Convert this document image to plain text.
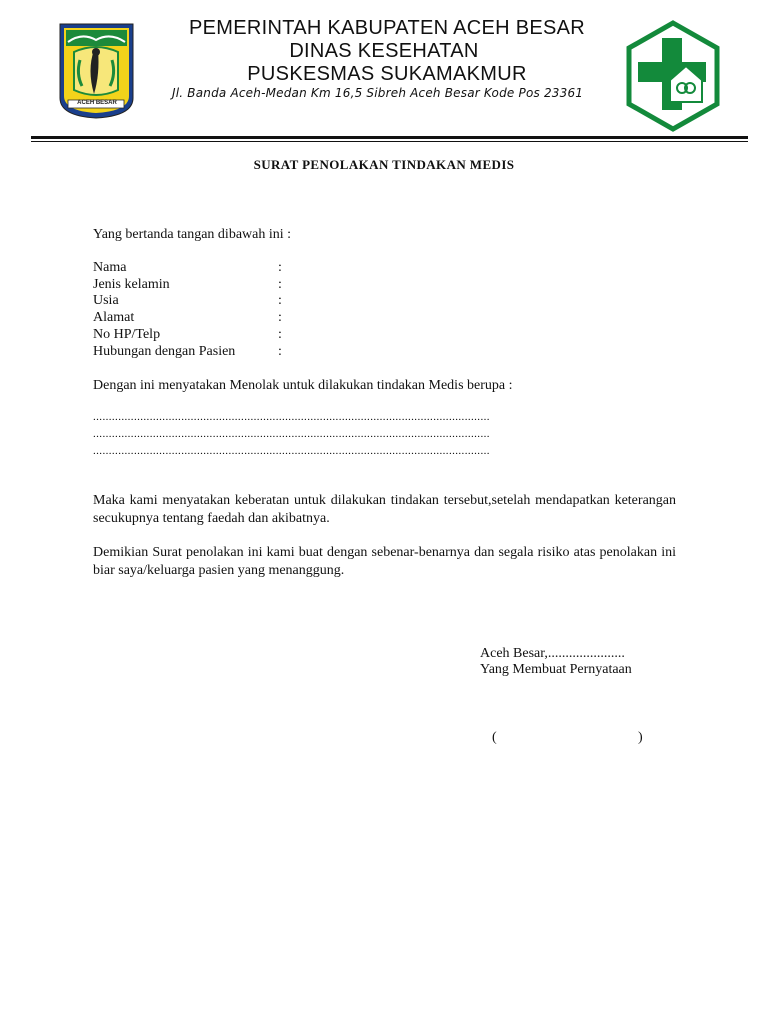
ACEH BESAR
PEMERINTAH KABUPATEN ACEH BESAR
DINAS KESEHATAN
PUSKESMAS SUKAMAKMUR
Jl. Banda Aceh-Medan Km 16,5 Sibreh Aceh Besar Kode Pos 23361
SURAT PENOLAKAN TINDAKAN MEDIS
Yang bertanda tangan dibawah ini :
Nama	:
Jenis kelamin	:
Usia	:
Alamat	:
No HP/Telp	:
Hubungan dengan Pasien	:
Dengan ini menyatakan Menolak untuk dilakukan tindakan Medis berupa :
..............................................................................................................................
..............................................................................................................................
..............................................................................................................................
Maka kami menyatakan keberatan untuk dilakukan tindakan tersebut,setelah mendapatkan keterangan secukupnya tentang faedah dan akibatnya.
Demikian Surat penolakan ini kami buat dengan sebenar-benarnya dan segala risiko atas penolakan ini biar saya/keluarga pasien yang menanggung.
Aceh Besar,......................
Yang Membuat Pernyataan
(	)
